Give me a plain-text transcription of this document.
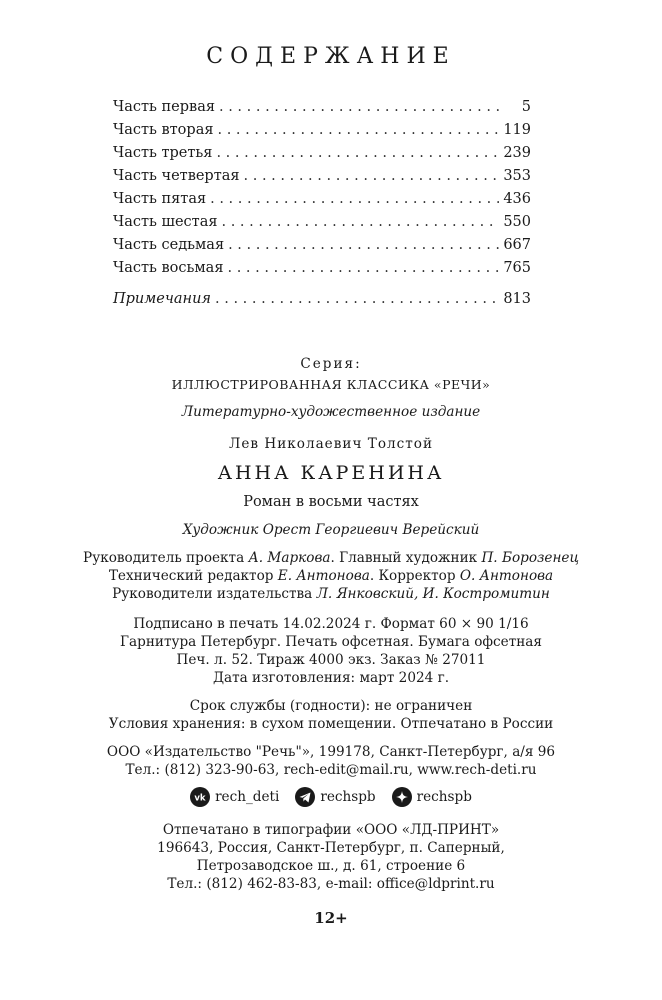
СОДЕРЖАНИЕ
Часть первая . . .	5
Часть вторая . . .	119
Часть третья . . .	239
Часть четвертая . . .	353
Часть пятая . . .	436
Часть шестая . . .	550
Часть седьмая . . .	667
Часть восьмая . . .	765
Примечания . . .	813

Серия:

ИЛЛЮСТРИРОВАННАЯ КЛАССИКА «РЕЧИ»

Литературно-художественное издание

Лев Николаевич Толстой

АННА КАРЕНИНА

Роман в восьми частях

Художник Орест Георгиевич Верейский

Руководитель проекта А. Маркова. Главный художник П. Борозенец

Технический редактор Е. Антонова. Корректор О. Антонова

Руководители издательства Л. Янковский, И. Костромитин

Подписано в печать 14.02.2024 г. Формат 60 × 90 1/16

Гарнитура Петербург. Печать офсетная. Бумага офсетная

Печ. л. 52. Тираж 4000 экз. Заказ № 27011

Дата изготовления: март 2024 г.

Срок службы (годности): не ограничен

Условия хранения: в сухом помещении. Отпечатано в России

ООО «Издательство "Речь"», 199178, Санкт-Петербург, а/я 96

Тел.: (812) 323-90-63, rech-edit@mail.ru, www.rech-deti.ru

vk rech_deti	rechspb	rechspb

Отпечатано в типографии «ООО «ЛД-ПРИНТ»

196643, Россия, Санкт-Петербург, п. Саперный,

Петрозаводское ш., д. 61, строение 6

Тел.: (812) 462-83-83, e-mail: office@ldprint.ru

12+
